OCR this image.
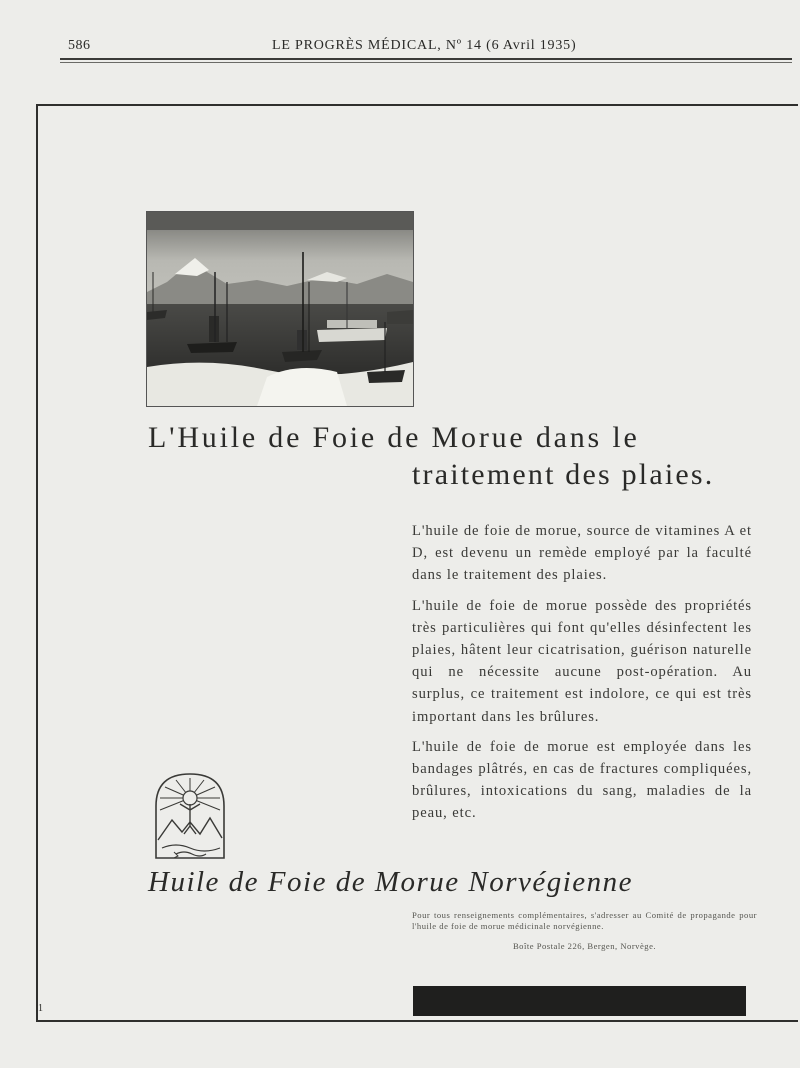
586	LE PROGRÈS MÉDICAL, Nº 14 (6 Avril 1935)
1
L'Huile de Foie de Morue dans le
traitement des plaies.

L'huile de foie de morue, source de vitamines A et D, est devenu un remède employé par la faculté dans le traitement des plaies.

L'huile de foie de morue possède des propriétés très particulières qui font qu'elles désinfectent les plaies, hâtent leur cicatrisation, guérison naturelle qui ne nécessite aucune post-opération. Au surplus, ce traitement est indolore, ce qui est très important dans les brûlures.

L'huile de foie de morue est employée dans les bandages plâtrés, en cas de fractures compliquées, brûlures, intoxications du sang, maladies de la peau, etc.

Huile de Foie de Morue Norvégienne
Pour tous renseignements complémentaires, s'adresser au Comité de propagande pour l'huile de foie de morue médicinale norvégienne.
Boîte Postale 226, Bergen, Norvège.
